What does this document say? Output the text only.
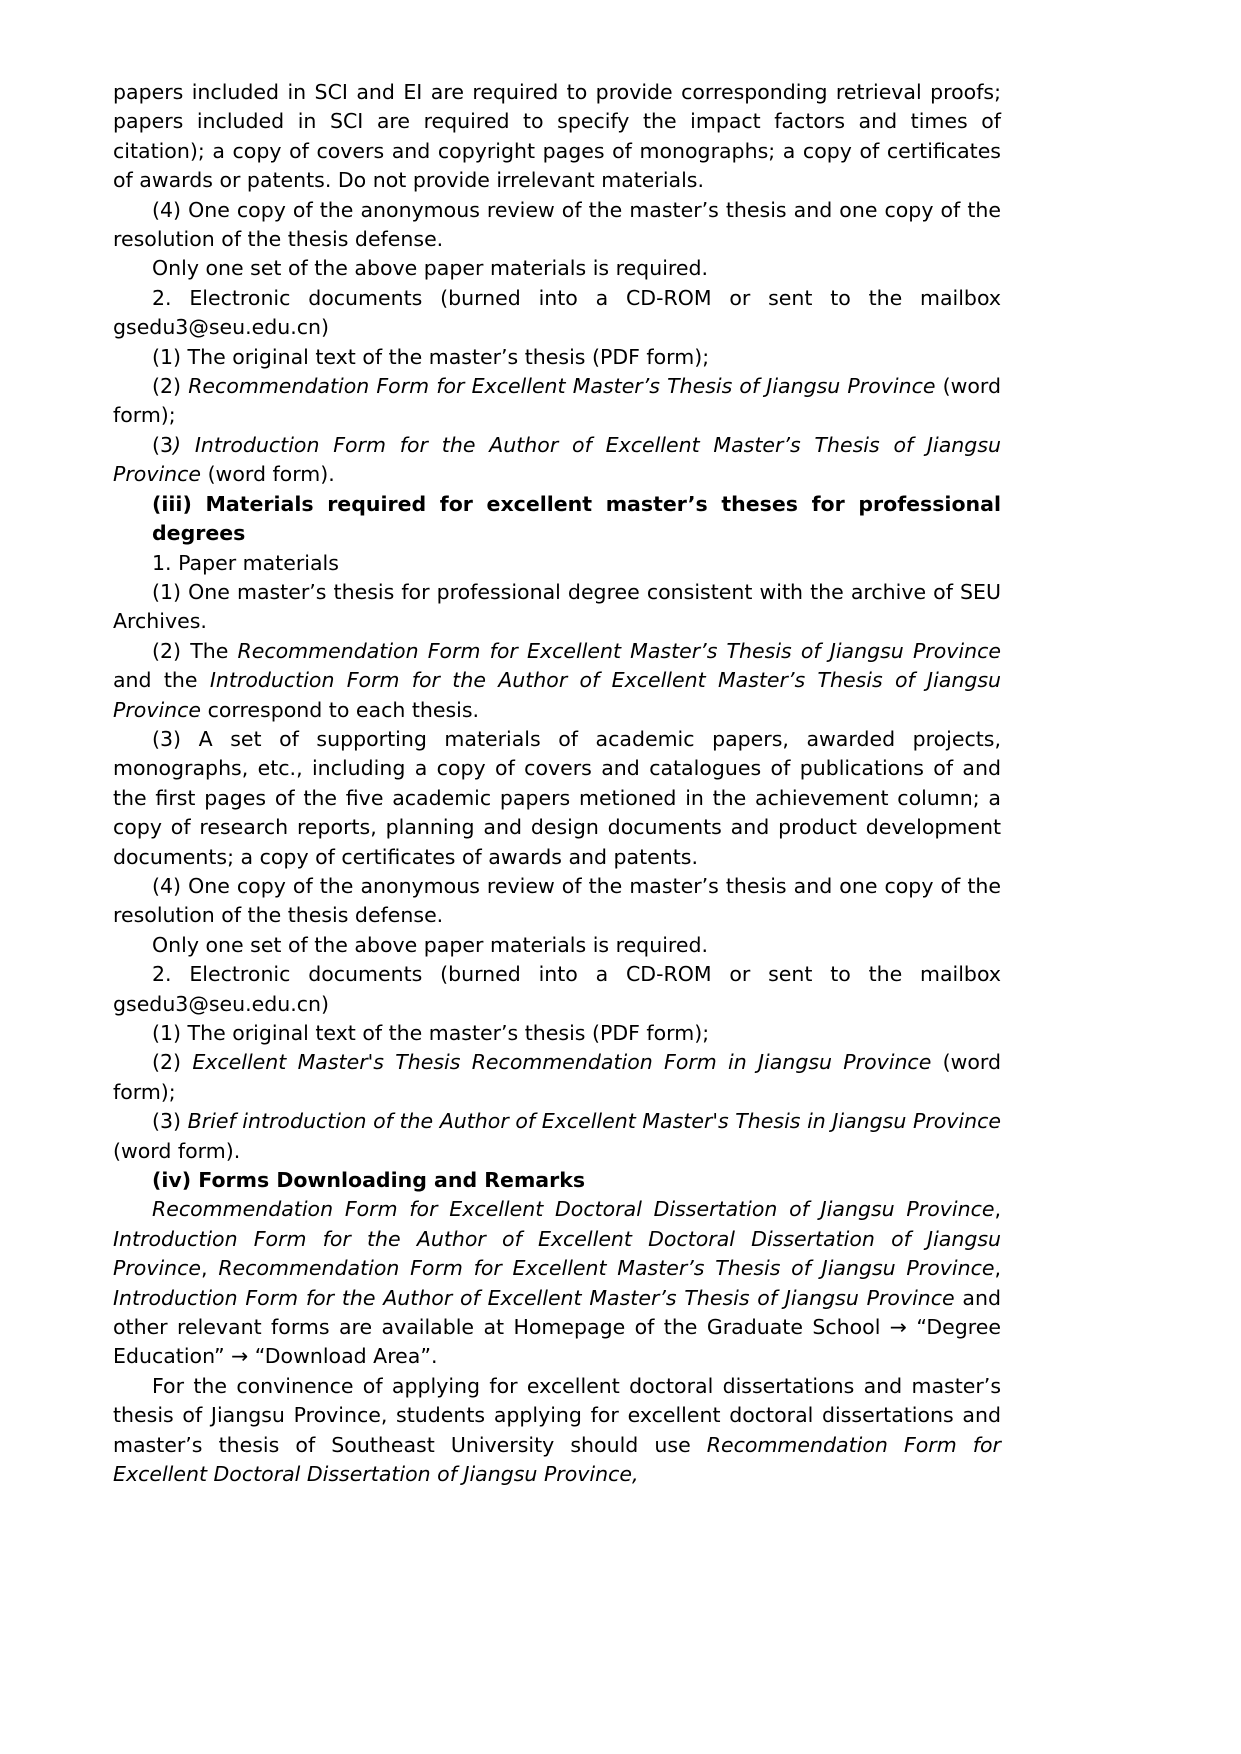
papers included in SCI and EI are required to provide corresponding retrieval proofs; papers included in SCI are required to specify the impact factors and times of citation); a copy of covers and copyright pages of monographs; a copy of certificates of awards or patents. Do not provide irrelevant materials.

(4) One copy of the anonymous review of the master’s thesis and one copy of the resolution of the thesis defense.

Only one set of the above paper materials is required.

2. Electronic documents (burned into a CD-ROM or sent to the mailbox gsedu3@seu.edu.cn)

(1) The original text of the master’s thesis (PDF form);

(2) Recommendation Form for Excellent Master’s Thesis of Jiangsu Province (word form);

(3) Introduction Form for the Author of Excellent Master’s Thesis of Jiangsu Province (word form).

(iii) Materials required for excellent master’s theses for professional degrees

1. Paper materials

(1) One master’s thesis for professional degree consistent with the archive of SEU Archives.

(2) The Recommendation Form for Excellent Master’s Thesis of Jiangsu Province and the Introduction Form for the Author of Excellent Master’s Thesis of Jiangsu Province correspond to each thesis.

(3) A set of supporting materials of academic papers, awarded projects, monographs, etc., including a copy of covers and catalogues of publications of and the first pages of the five academic papers metioned in the achievement column; a copy of research reports, planning and design documents and product development documents; a copy of certificates of awards and patents.

(4) One copy of the anonymous review of the master’s thesis and one copy of the resolution of the thesis defense.

Only one set of the above paper materials is required.

2. Electronic documents (burned into a CD-ROM or sent to the mailbox gsedu3@seu.edu.cn)

(1) The original text of the master’s thesis (PDF form);

(2) Excellent Master's Thesis Recommendation Form in Jiangsu Province (word form);

(3) Brief introduction of the Author of Excellent Master's Thesis in Jiangsu Province (word form).

(iv) Forms Downloading and Remarks

Recommendation Form for Excellent Doctoral Dissertation of Jiangsu Province, Introduction Form for the Author of Excellent Doctoral Dissertation of Jiangsu Province, Recommendation Form for Excellent Master’s Thesis of Jiangsu Province, Introduction Form for the Author of Excellent Master’s Thesis of Jiangsu Province and other relevant forms are available at Homepage of the Graduate School → “Degree Education” → “Download Area”.

For the convinence of applying for excellent doctoral dissertations and master’s thesis of Jiangsu Province, students applying for excellent doctoral dissertations and master’s thesis of Southeast University should use Recommendation Form for Excellent Doctoral Dissertation of Jiangsu Province,
